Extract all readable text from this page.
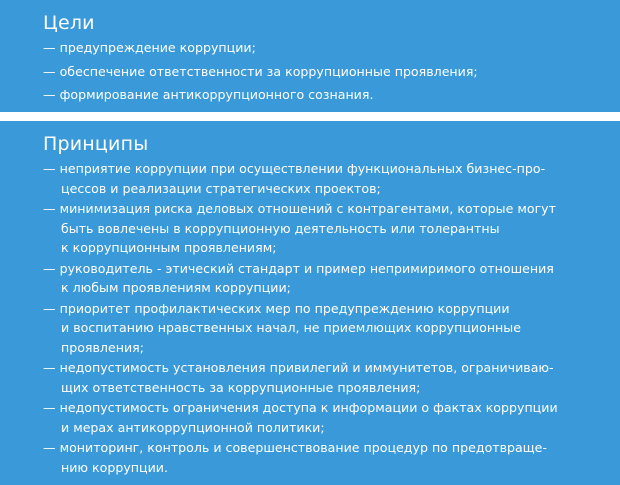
Цели
— предупреждение коррупции;
— обеспечение ответственности за коррупционные проявления;
— формирование антикоррупционного сознания.
Принципы
— неприятие коррупции при осуществлении функциональных бизнес-про-
цессов и реализации стратегических проектов;
— минимизация риска деловых отношений с контрагентами, которые могут
быть вовлечены в коррупционную деятельность или толерантны
к коррупционным проявлениям;
— руководитель - этический стандарт и пример непримиримого отношения
к любым проявлениям коррупции;
— приоритет профилактических мер по предупреждению коррупции
и воспитанию нравственных начал, не приемлющих коррупционные
проявления;
— недопустимость установления привилегий и иммунитетов, ограничиваю-
щих ответственность за коррупционные проявления;
— недопустимость ограничения доступа к информации о фактах коррупции
и мерах антикоррупционной политики;
— мониторинг, контроль и совершенствование процедур по предотвраще-
нию коррупции.
